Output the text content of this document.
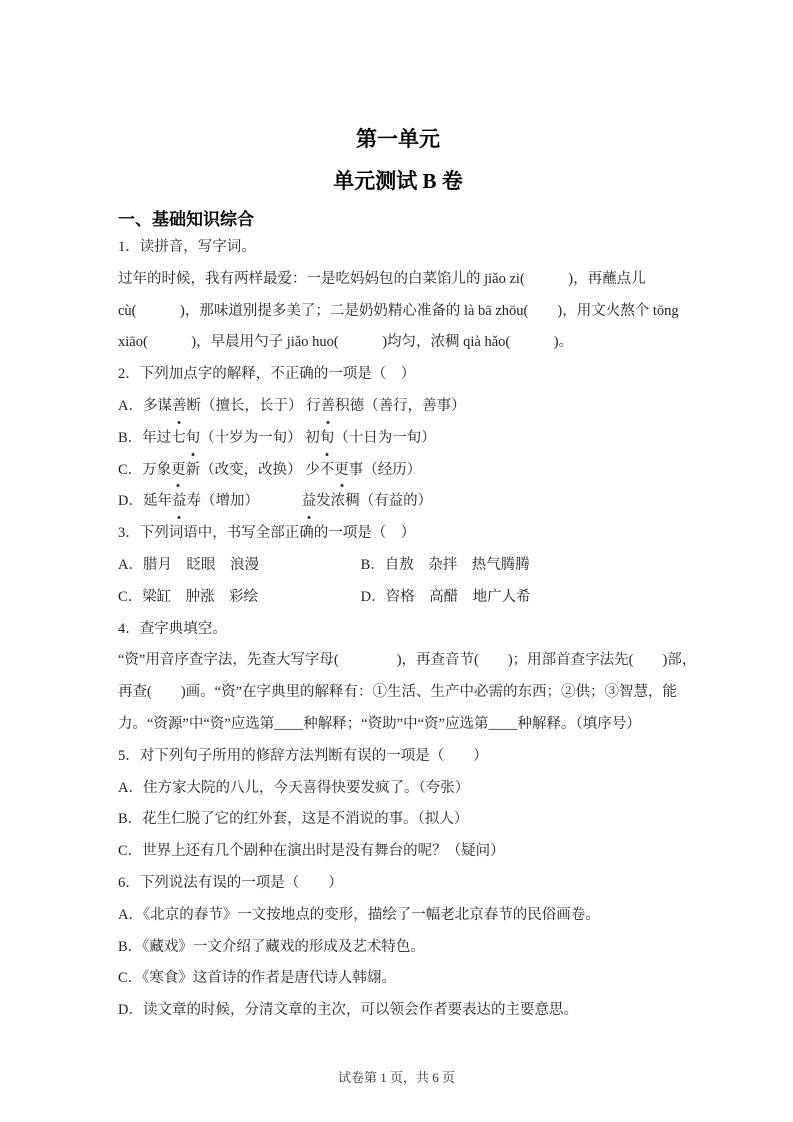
第一单元
单元测试 B 卷
一、基础知识综合
1．读拼音，写字词。
过年的时候，我有两样最爱：一是吃妈妈包的白菜馅儿的 jiǎo zi(　　　)，再蘸点儿
cù(　　　)，那味道别提多美了；二是奶奶精心准备的 là bā zhōu(　　)，用文火熬个 tōng
xiāo(　　　)，早晨用勺子 jiǎo huo(　　　)均匀，浓稠 qià hǎo(　　　)。
2．下列加点字的解释，不正确的一项是（　）
A．多谋善断（擅长，长于） 行善积德（善行，善事）
B．年过七旬（十岁为一旬） 初旬（十日为一旬）
C．万象更新（改变，改换） 少不更事（经历）
D．延年益寿（增加）	益发浓稠（有益的）
3．下列词语中，书写全部正确的一项是（　）
A．腊月　眨眼　浪漫	B．自敖　杂拌　热气腾腾
C．梁缸　肿涨　彩绘	D．咨格　高醋　地广人希
4．查字典填空。
“资”用音序查字法，先查大写字母(　　　　)，再查音节(　　)；用部首查字法先(　　)部，
再查(　　)画。“资”在字典里的解释有：①生活、生产中必需的东西；②供；③智慧，能
力。“资源”中“资”应选第____种解释；“资助”中“资”应选第____种解释。（填序号）
5．对下列句子所用的修辞方法判断有误的一项是（　　）
A．住方家大院的八儿，今天喜得快要发疯了。（夸张）
B．花生仁脱了它的红外套，这是不消说的事。（拟人）
C．世界上还有几个剧种在演出时是没有舞台的呢？（疑问）
6．下列说法有误的一项是（　　）
A．《北京的春节》一文按地点的变形，描绘了一幅老北京春节的民俗画卷。
B．《藏戏》一文介绍了藏戏的形成及艺术特色。
C．《寒食》这首诗的作者是唐代诗人韩翃。
D．读文章的时候，分清文章的主次，可以领会作者要表达的主要意思。
试卷第 1 页，共 6 页
